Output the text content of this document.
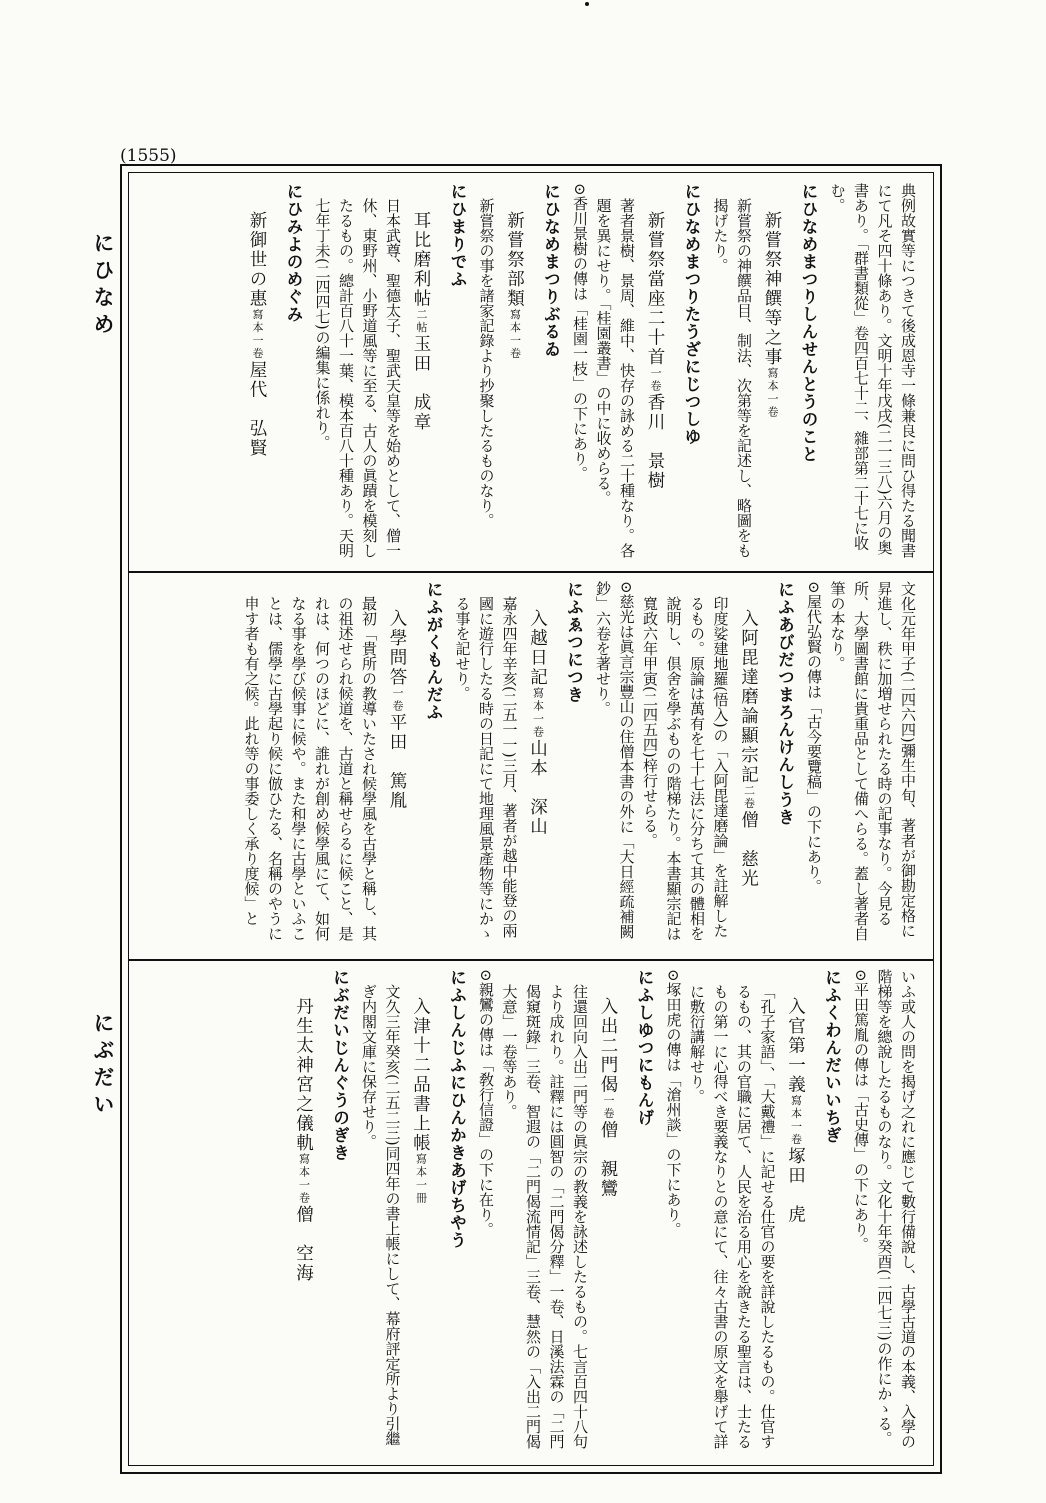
(1555)
にひなめ
にぶだい

典例故實等につきて後成恩寺一條兼良に問ひ得たる聞書にて凡そ四十條あり。文明十年戊戌(二一三八)六月の奥書あり。「群書類從」卷四百七十二、雜部第二十七に收む。

にひなめまつりしんせんとうのこと

新嘗祭神饌等之事寫本一卷

新嘗祭の神饌品目、制法、次第等を記述し、略圖をも揭げたり。

にひなめまつりたうざにじつしゆ

新嘗祭當座二十首一卷香川　景樹

著者景樹、景周、維中、快存の詠める二十種なり。各題を異にせり。「桂園叢書」の中に收めらる。

⊙香川景樹の傳は「桂園一枝」の下にあり。

にひなめまつりぶるゐ

新嘗祭部類寫本一卷

新嘗祭の事を諸家記錄より抄聚したるものなり。

にひまりでふ

耳比磨利帖二帖玉田　成章

日本武尊、聖德太子、聖武天皇等を始めとして、僧一休、東野州、小野道風等に至る、古人の眞蹟を模刻したるもの。總計百八十一葉、模本百八十種あり。天明七年丁未(二四四七)の編集に係れり。

にひみよのめぐみ

新御世の惠寫本一卷屋代　弘賢

文化元年甲子(二四六四)彌生中旬、著者が御勘定格に昇進し、秩に加増せられたる時の記事なり。今見る所、大學圖書館に貴重品として備へらる。蓋し著者自筆の本なり。

⊙屋代弘賢の傳は「古今要覽稿」の下にあり。

にふあびだつまろんけんしうき

入阿毘達磨論顯宗記二卷僧　慈光

印度娑建地羅(悟入)の「入阿毘達磨論」を註解したるもの。原論は萬有を七十七法に分ちて其の體相を說明し、倶舍を學ぶものの階梯たり。本書顯宗記は寬政六年甲寅(二四五四)梓行せらる。

⊙慈光は眞言宗豐山の住僧本書の外に「大日經疏補闕鈔」六卷を著せり。

にふゑつにつき

入越日記寫本一卷山本　深山

嘉永四年辛亥(二五一一)三月、著者が越中能登の兩國に遊行したる時の日記にて地理風景產物等にかゝる事を記せり。

にふがくもんだふ

入學問答一卷平田　篤胤

最初「貴所の教導いたされ候學風を古學と稱し、其の祖述せられ候道を、古道と稱せらるに候こと、是れは、何つのほどに、誰れが創め候學風にて、如何なる事を學び候事に候や。また和學に古學といふことは、儒學に古學起り候に倣ひたる、名稱のやうに申す者も有之候。此れ等の事委しく承り度候」と

いふ或人の問を揭げ之れに應じて數行備說し、古學古道の本義、入學の階梯等を總說したるものなり。文化十年癸酉(二四七三)の作にかゝる。

⊙平田篤胤の傳は「古史傳」の下にあり。

にふくわんだいいちぎ

入官第一義寫本一卷塚田　虎

「孔子家語」、「大戴禮」に記せる仕官の要を詳說したるもの。仕官するもの、其の官職に居て、人民を治る用心を說きたる聖言は、士たるもの第一に心得べき要義なりとの意にて、往々古書の原文を舉げて詳に敷衍講解せり。

⊙塚田虎の傳は「滄州談」の下にあり。

にふしゆつにもんげ

入出二門偈一卷僧　親鸞

往還回向入出二門等の眞宗の教義を詠述したるもの。七言百四十八句より成れり。註釋には圓智の「二門偈分釋」一卷、日溪法霖の「二門偈窺斑錄」三卷、智遐の「二門偈流情記」三卷、慧然の「入出二門偈大意」一卷等あり。

⊙親鸞の傳は「敎行信證」の下に在り。

にふしんじふにひんかきあげちやう

入津十二品書上帳寫本一冊

文久三年癸亥(二五二三)同四年の書上帳にして、幕府評定所より引繼ぎ内閣文庫に保存せり。

にぶだいじんぐうのぎき

丹生太神宮之儀軌寫本一卷僧　空海
